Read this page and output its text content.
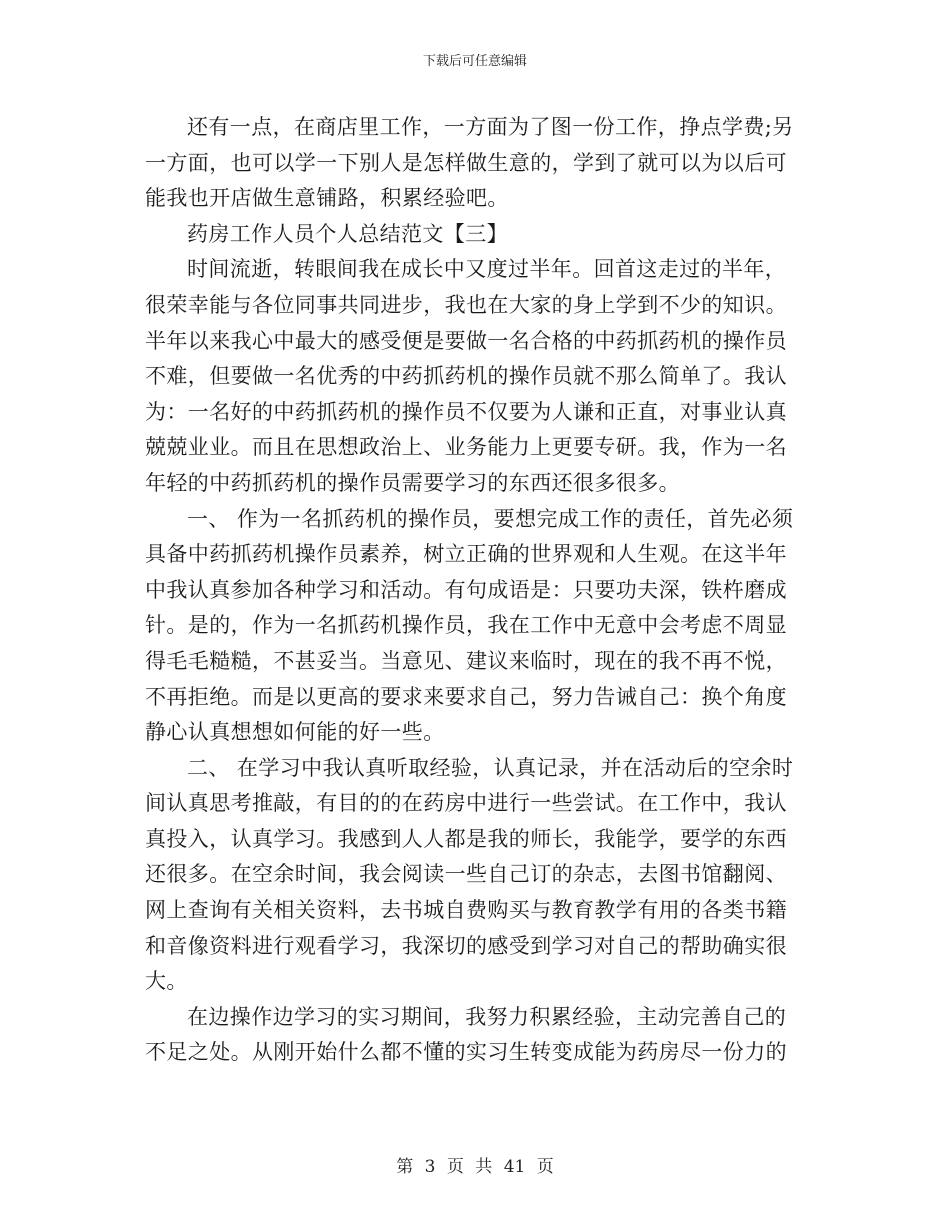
下载后可任意编辑
还有一点，在商店里工作，一方面为了图一份工作，挣点学费;另
一方面，也可以学一下别人是怎样做生意的，学到了就可以为以后可
能我也开店做生意铺路，积累经验吧。
药房工作人员个人总结范文【三】
时间流逝，转眼间我在成长中又度过半年。回首这走过的半年，
很荣幸能与各位同事共同进步，我也在大家的身上学到不少的知识。
半年以来我心中最大的感受便是要做一名合格的中药抓药机的操作员
不难，但要做一名优秀的中药抓药机的操作员就不那么简单了。我认
为：一名好的中药抓药机的操作员不仅要为人谦和正直，对事业认真
兢兢业业。而且在思想政治上、业务能力上更要专研。我，作为一名
年轻的中药抓药机的操作员需要学习的东西还很多很多。
一、 作为一名抓药机的操作员，要想完成工作的责任，首先必须
具备中药抓药机操作员素养，树立正确的世界观和人生观。在这半年
中我认真参加各种学习和活动。有句成语是：只要功夫深，铁杵磨成
针。是的，作为一名抓药机操作员，我在工作中无意中会考虑不周显
得毛毛糙糙，不甚妥当。当意见、建议来临时，现在的我不再不悦，
不再拒绝。而是以更高的要求来要求自己，努力告诫自己：换个角度
静心认真想想如何能的好一些。
二、 在学习中我认真听取经验，认真记录，并在活动后的空余时
间认真思考推敲，有目的的在药房中进行一些尝试。在工作中，我认
真投入，认真学习。我感到人人都是我的师长，我能学，要学的东西
还很多。在空余时间，我会阅读一些自己订的杂志，去图书馆翻阅、
网上查询有关相关资料，去书城自费购买与教育教学有用的各类书籍
和音像资料进行观看学习，我深切的感受到学习对自己的帮助确实很
大。
在边操作边学习的实习期间，我努力积累经验，主动完善自己的
不足之处。从刚开始什么都不懂的实习生转变成能为药房尽一份力的
第 3 页 共 41 页
